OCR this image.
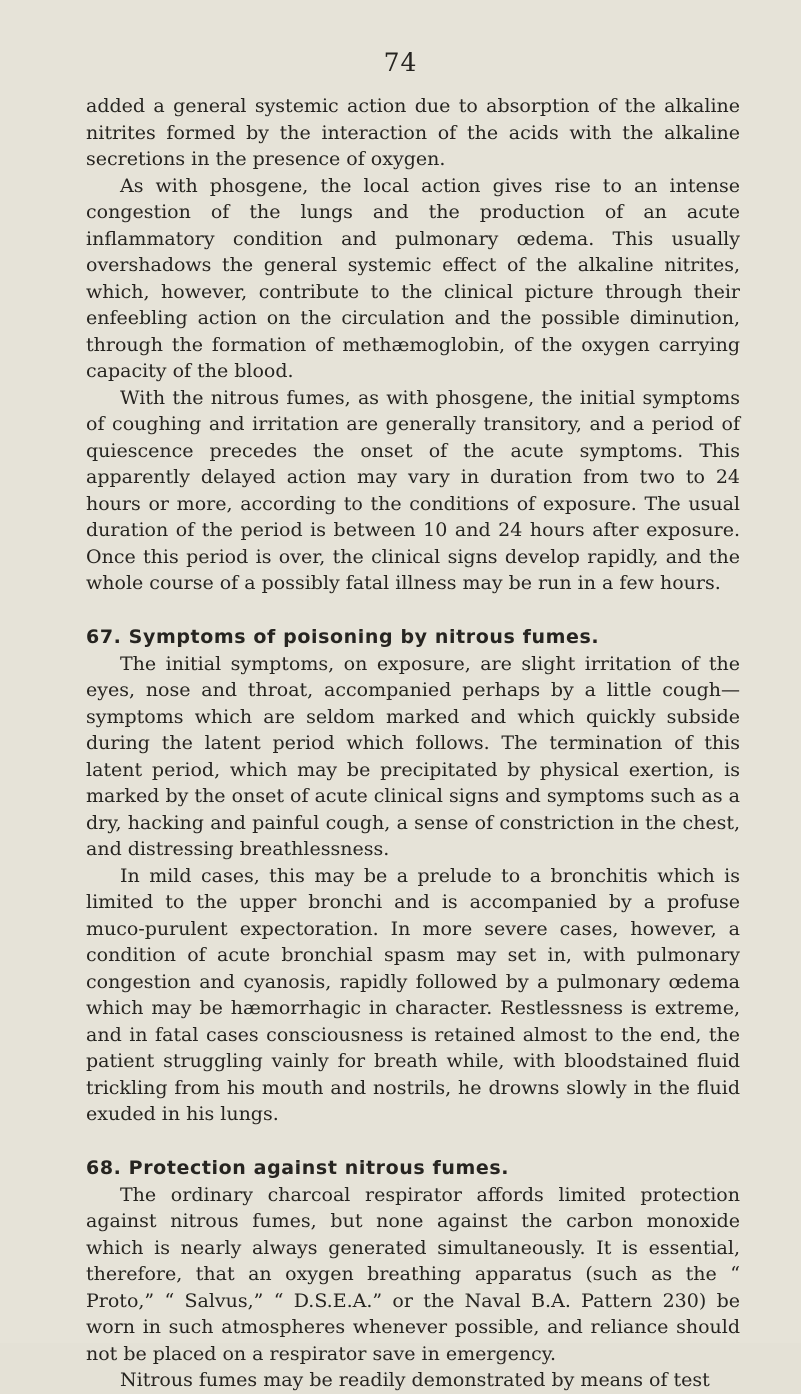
74

added a general systemic action due to absorption of the alkaline nitrites formed by the interaction of the acids with the alkaline secretions in the presence of oxygen.

As with phosgene, the local action gives rise to an intense congestion of the lungs and the production of an acute inflammatory condition and pulmonary œdema. This usually overshadows the general systemic effect of the alkaline nitrites, which, however, contribute to the clinical picture through their enfeebling action on the circulation and the possible diminution, through the formation of methæmoglobin, of the oxygen carrying capacity of the blood.

With the nitrous fumes, as with phosgene, the initial symptoms of coughing and irritation are generally transitory, and a period of quiescence precedes the onset of the acute symptoms. This apparently delayed action may vary in duration from two to 24 hours or more, according to the conditions of exposure. The usual duration of the period is between 10 and 24 hours after exposure. Once this period is over, the clinical signs develop rapidly, and the whole course of a possibly fatal illness may be run in a few hours.

67. Symptoms of poisoning by nitrous fumes.

The initial symptoms, on exposure, are slight irritation of the eyes, nose and throat, accompanied perhaps by a little cough—symptoms which are seldom marked and which quickly subside during the latent period which follows. The termination of this latent period, which may be precipitated by physical exertion, is marked by the onset of acute clinical signs and symptoms such as a dry, hacking and painful cough, a sense of constriction in the chest, and distressing breathlessness.

In mild cases, this may be a prelude to a bronchitis which is limited to the upper bronchi and is accompanied by a profuse muco-purulent expectoration. In more severe cases, however, a condition of acute bronchial spasm may set in, with pulmonary congestion and cyanosis, rapidly followed by a pulmonary œdema which may be hæmorrhagic in character. Restlessness is extreme, and in fatal cases consciousness is retained almost to the end, the patient struggling vainly for breath while, with bloodstained fluid trickling from his mouth and nostrils, he drowns slowly in the fluid exuded in his lungs.

68. Protection against nitrous fumes.

The ordinary charcoal respirator affords limited protection against nitrous fumes, but none against the carbon monoxide which is nearly always generated simultaneously. It is essential, therefore, that an oxygen breathing apparatus (such as the “ Proto,” “ Salvus,” “ D.S.E.A.” or the Naval B.A. Pattern 230) be worn in such atmospheres whenever possible, and reliance should not be placed on a respirator save in emergency.

Nitrous fumes may be readily demonstrated by means of test
